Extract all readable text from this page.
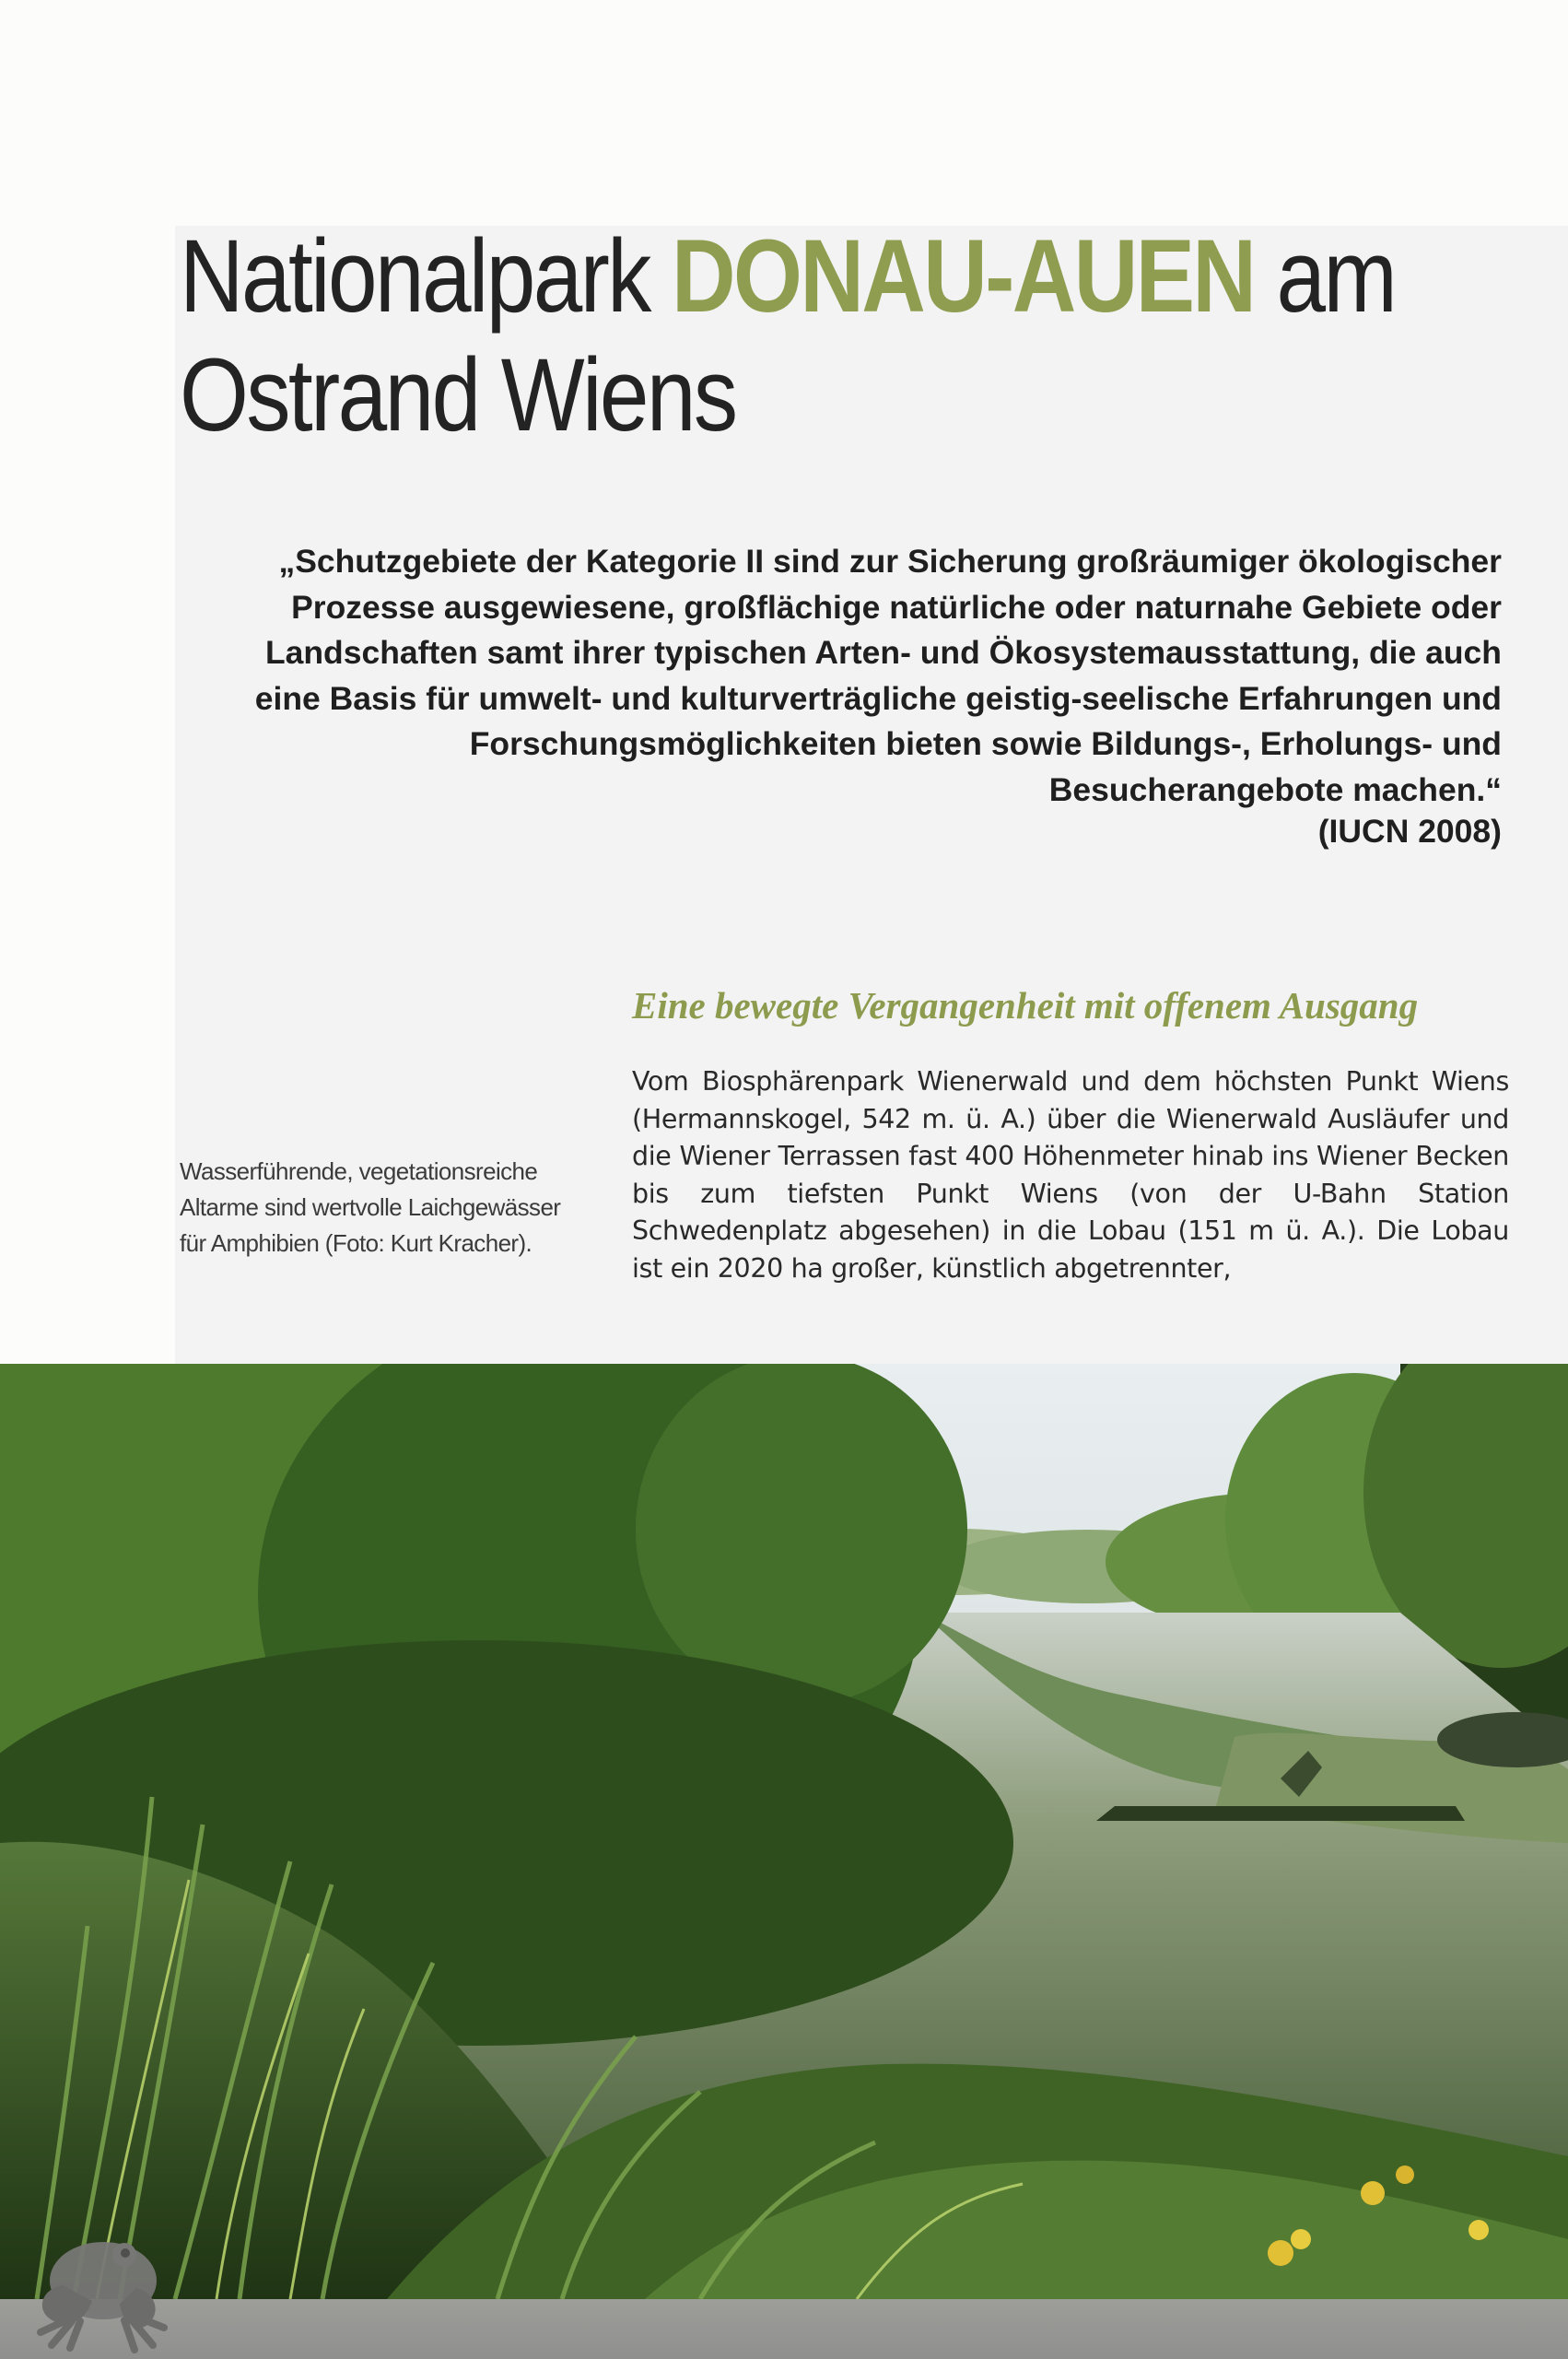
Nationalpark DONAU-AUEN am
Ostrand Wiens
„Schutzgebiete der Kategorie II sind zur Sicherung großräumiger ökologischer Prozesse ausgewiesene, großflächige natürliche oder naturnahe Gebiete oder Landschaften samt ihrer typischen Arten- und Ökosystemausstattung, die auch eine Basis für umwelt- und kulturverträgliche geistig-seelische Erfahrungen und Forschungsmöglichkeiten bieten sowie Bildungs-, Erholungs- und Besucherangebote machen.“
(IUCN 2008)
Eine bewegte Vergangenheit mit offenem Ausgang
Wasserführende, vegetationsreiche Altarme sind wertvolle Laichgewässer für Amphibien (Foto: Kurt Kracher).
Vom Biosphärenpark Wienerwald und dem höchsten Punkt Wiens (Hermannskogel, 542 m. ü. A.) über die Wienerwald Ausläufer und die Wiener Terrassen fast 400 Höhenmeter hinab ins Wiener Becken bis zum tiefsten Punkt Wiens (von der U-Bahn Station Schwedenplatz abgesehen) in die Lobau (151 m ü. A.). Die Lobau ist ein 2020 ha großer, künstlich abgetrennter,
